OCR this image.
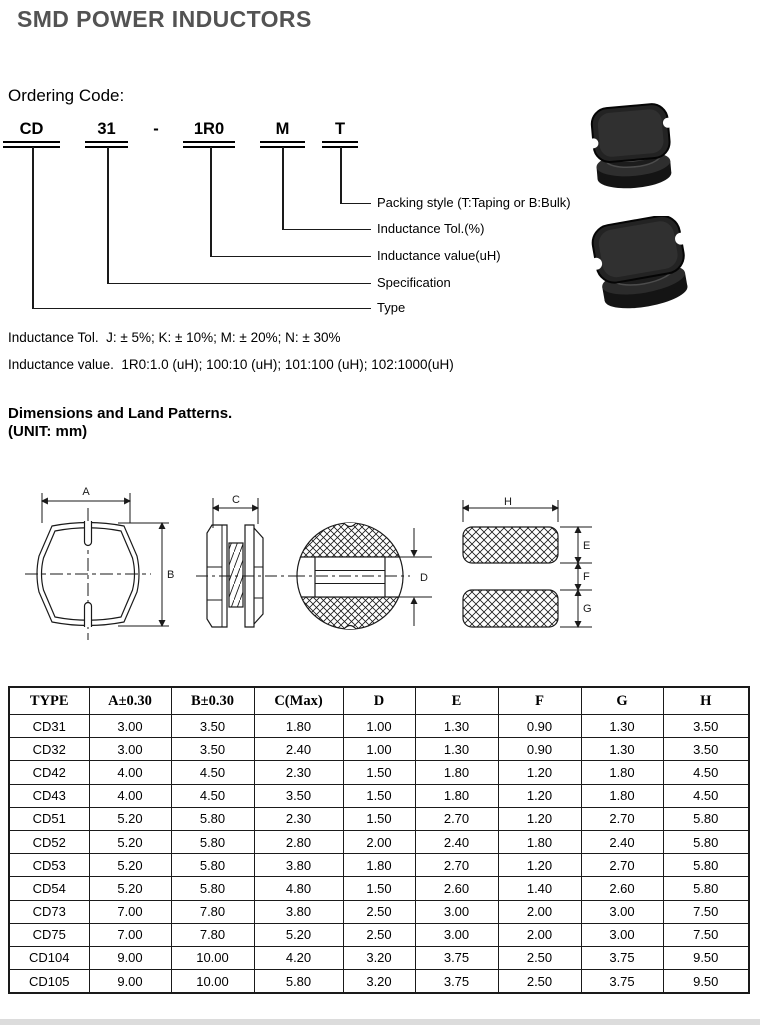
SMD POWER INDUCTORS
Ordering Code:
CD	31	-	1R0	M	T
Packing style (T:Taping or B:Bulk)
Inductance Tol.(%)
Inductance value(uH)
Specification
Type
Inductance Tol.  J: ± 5%; K: ± 10%; M: ± 20%; N: ± 30%
Inductance value.  1R0:1.0 (uH); 100:10 (uH); 101:100 (uH); 102:1000(uH)
Dimensions and Land Patterns.
(UNIT: mm)
A
B
C
D
H
E
F
G
TYPE	A±0.30	B±0.30	C(Max)	D	E	F	G	H
CD31	3.00	3.50	1.80	1.00	1.30	0.90	1.30	3.50
CD32	3.00	3.50	2.40	1.00	1.30	0.90	1.30	3.50
CD42	4.00	4.50	2.30	1.50	1.80	1.20	1.80	4.50
CD43	4.00	4.50	3.50	1.50	1.80	1.20	1.80	4.50
CD51	5.20	5.80	2.30	1.50	2.70	1.20	2.70	5.80
CD52	5.20	5.80	2.80	2.00	2.40	1.80	2.40	5.80
CD53	5.20	5.80	3.80	1.80	2.70	1.20	2.70	5.80
CD54	5.20	5.80	4.80	1.50	2.60	1.40	2.60	5.80
CD73	7.00	7.80	3.80	2.50	3.00	2.00	3.00	7.50
CD75	7.00	7.80	5.20	2.50	3.00	2.00	3.00	7.50
CD104	9.00	10.00	4.20	3.20	3.75	2.50	3.75	9.50
CD105	9.00	10.00	5.80	3.20	3.75	2.50	3.75	9.50
